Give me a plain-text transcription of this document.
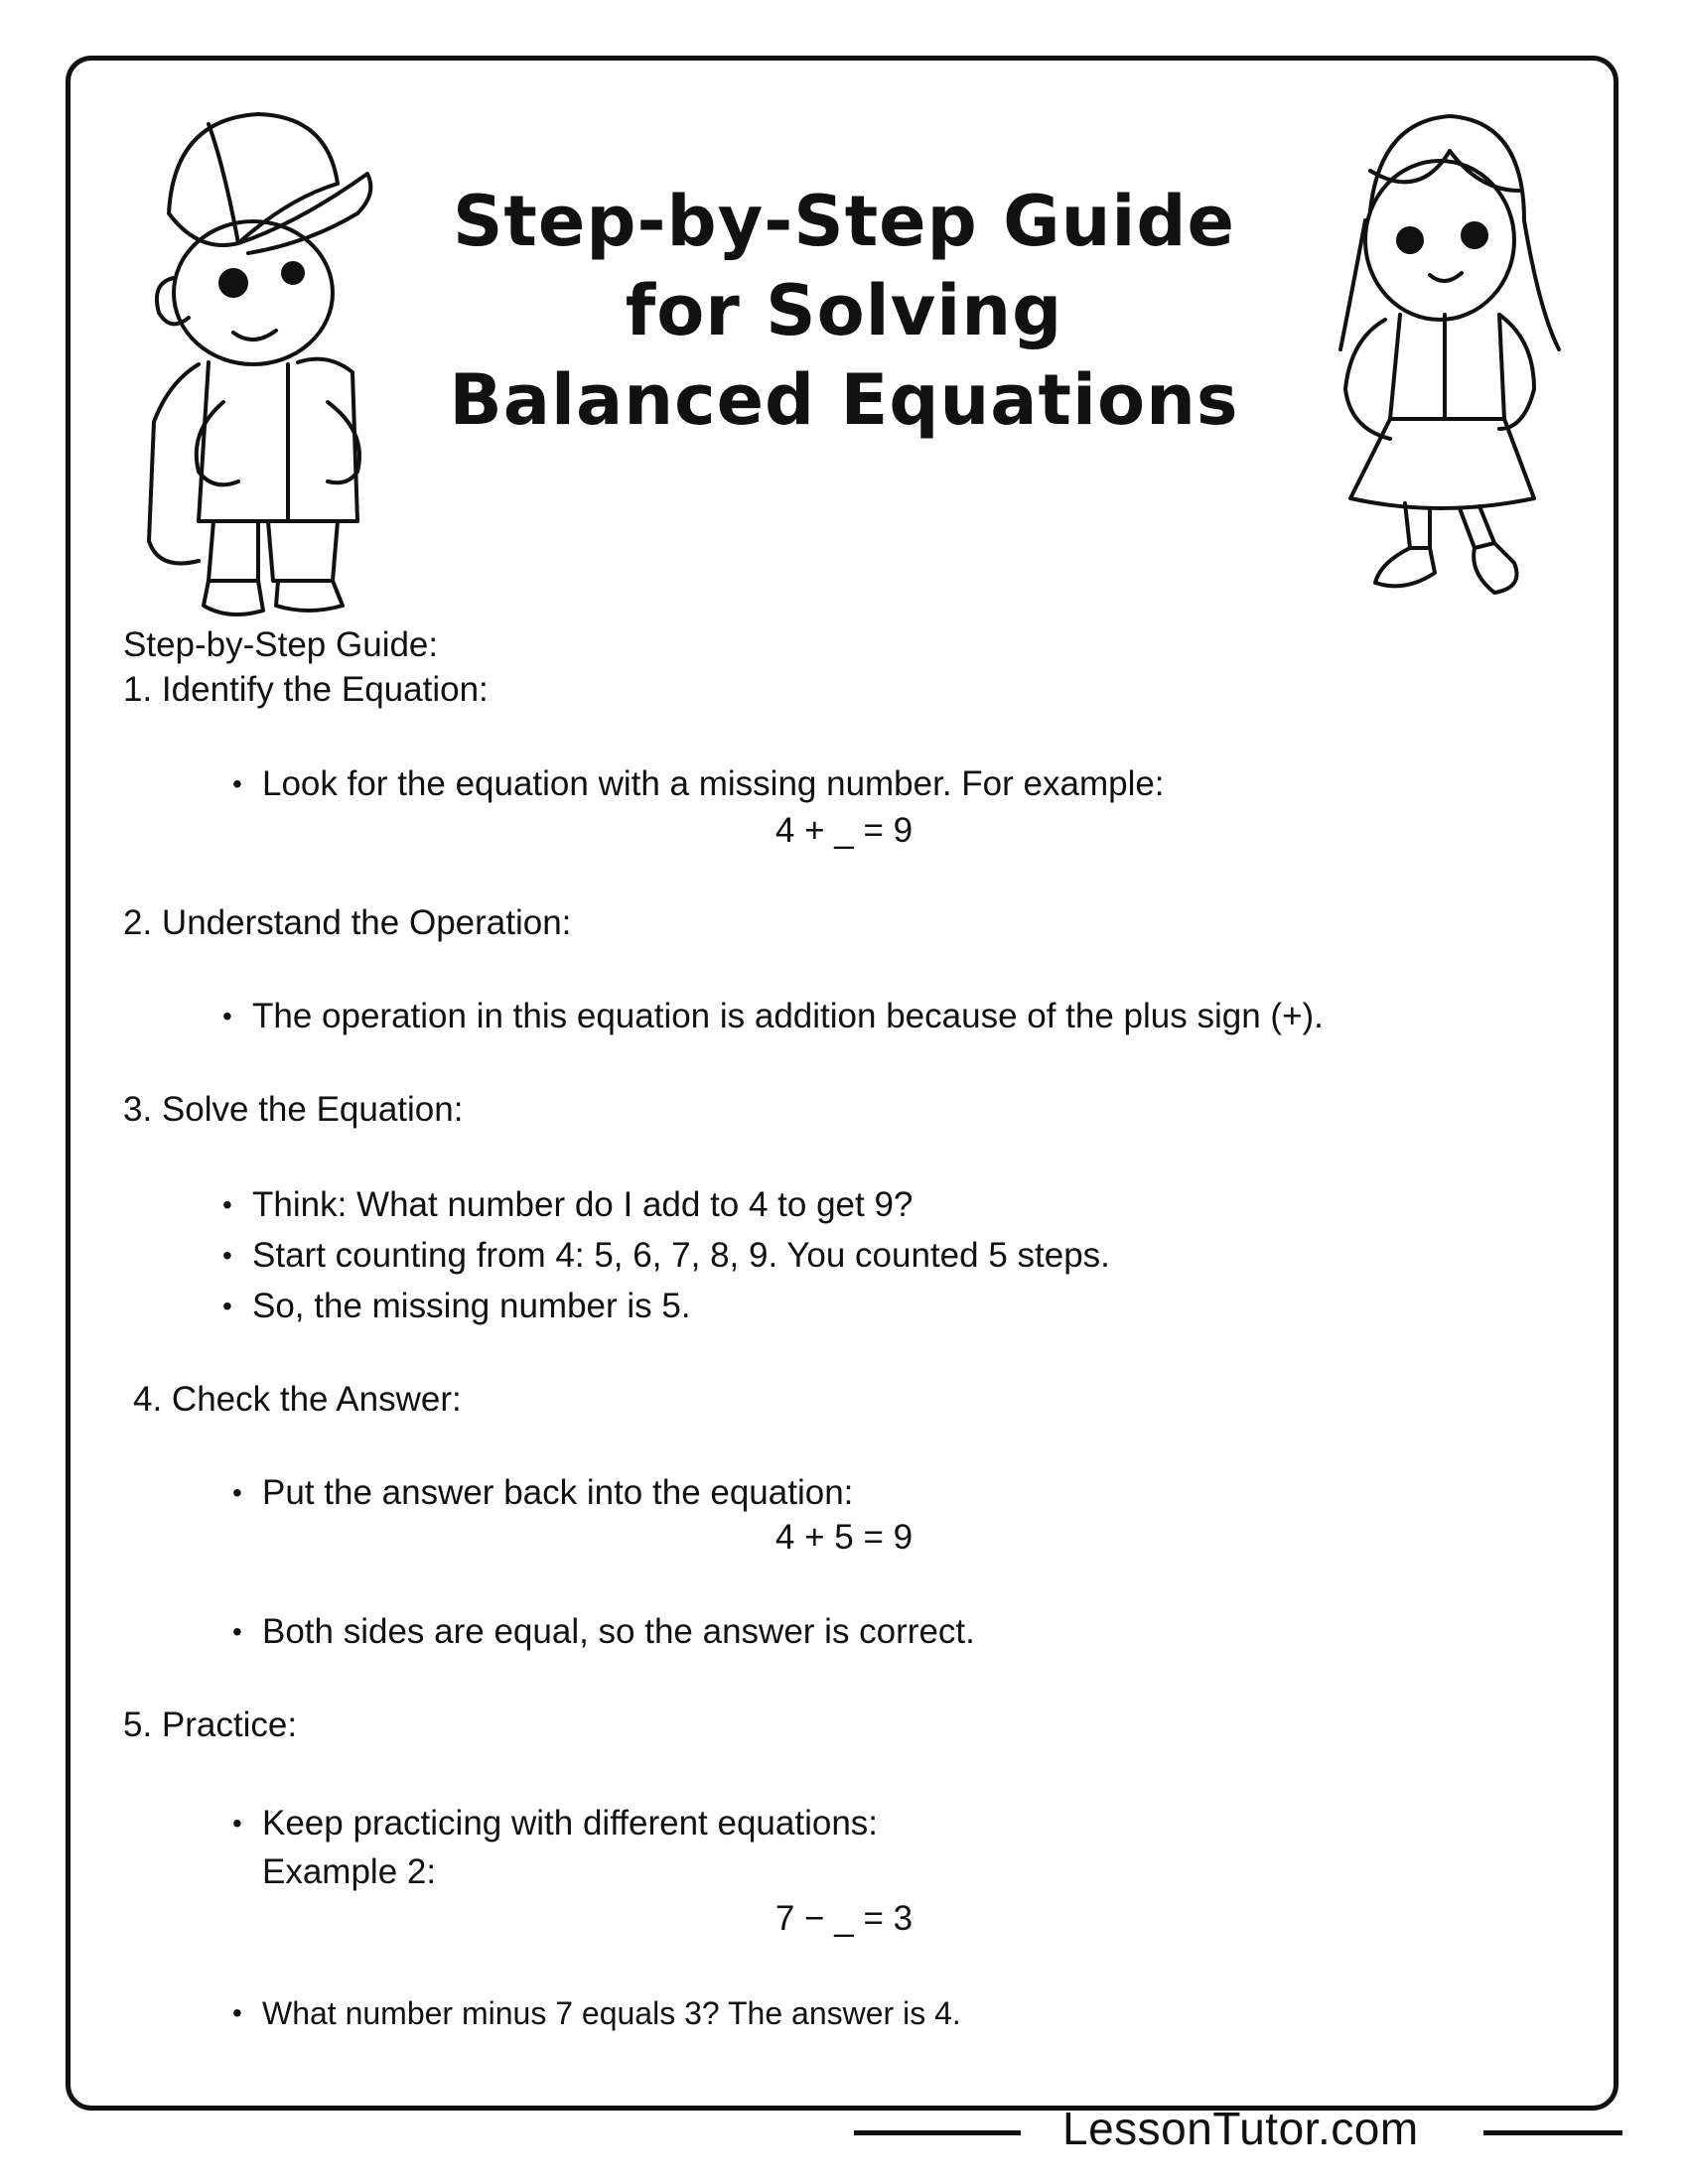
Step-by-Step Guide
for Solving
Balanced Equations
Step-by-Step Guide:
1. Identify the Equation:
• Look for the equation with a missing number. For example:
4 + _ = 9
2. Understand the Operation:
• The operation in this equation is addition because of the plus sign (+).
3. Solve the Equation:
• Think: What number do I add to 4 to get 9?
• Start counting from 4: 5, 6, 7, 8, 9. You counted 5 steps.
• So, the missing number is 5.
4. Check the Answer:
• Put the answer back into the equation:
4 + 5 = 9
• Both sides are equal, so the answer is correct.
5. Practice:
• Keep practicing with different equations:
Example 2:
7 − _ = 3
• What number minus 7 equals 3? The answer is 4.
LessonTutor.com
